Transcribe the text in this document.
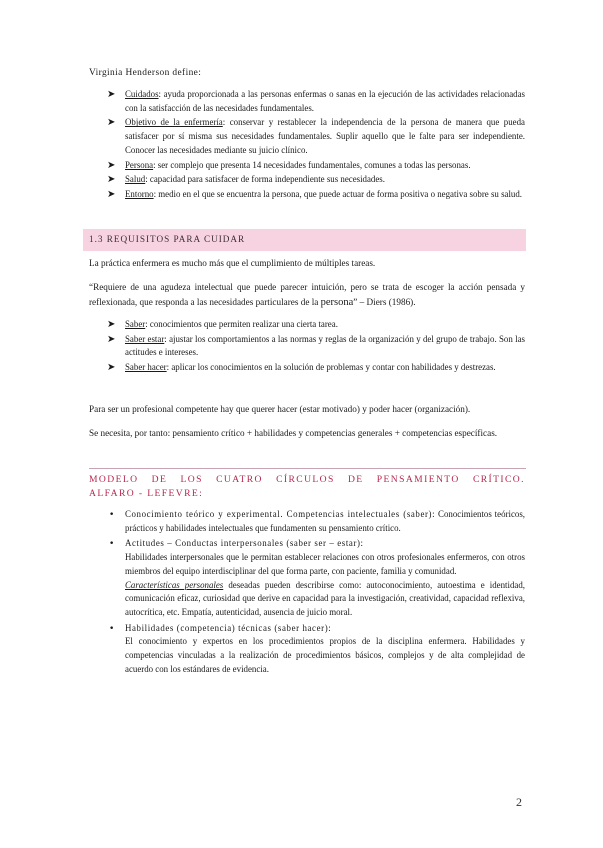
Virginia Henderson define:
➤ Cuidados: ayuda proporcionada a las personas enfermas o sanas en la ejecución de las actividades relacionadas con la satisfacción de las necesidades fundamentales.
➤ Objetivo de la enfermería: conservar y restablecer la independencia de la persona de manera que pueda satisfacer por sí misma sus necesidades fundamentales. Suplir aquello que le falte para ser independiente. Conocer las necesidades mediante su juicio clínico.
➤ Persona: ser complejo que presenta 14 necesidades fundamentales, comunes a todas las personas.
➤ Salud: capacidad para satisfacer de forma independiente sus necesidades.
➤ Entorno: medio en el que se encuentra la persona, que puede actuar de forma positiva o negativa sobre su salud.
1.3 REQUISITOS PARA CUIDAR
La práctica enfermera es mucho más que el cumplimiento de múltiples tareas.
“Requiere de una agudeza intelectual que puede parecer intuición, pero se trata de escoger la acción pensada y reflexionada, que responda a las necesidades particulares de la persona” – Diers (1986).
➤ Saber: conocimientos que permiten realizar una cierta tarea.
➤ Saber estar: ajustar los comportamientos a las normas y reglas de la organización y del grupo de trabajo. Son las actitudes e intereses.
➤ Saber hacer: aplicar los conocimientos en la solución de problemas y contar con habilidades y destrezas.
Para ser un profesional competente hay que querer hacer (estar motivado) y poder hacer (organización).
Se necesita, por tanto: pensamiento crítico + habilidades y competencias generales + competencias específicas.
MODELO DE LOS CUATRO CÍRCULOS DE PENSAMIENTO CRÍTICO.
ALFARO - LEFEVRE:
• Conocimiento teórico y experimental. Competencias intelectuales (saber): Conocimientos teóricos, prácticos y habilidades intelectuales que fundamenten su pensamiento crítico.
• Actitudes – Conductas interpersonales (saber ser – estar):
Habilidades interpersonales que le permitan establecer relaciones con otros profesionales enfermeros, con otros miembros del equipo interdisciplinar del que forma parte, con paciente, familia y comunidad.
Características personales deseadas pueden describirse como: autoconocimiento, autoestima e identidad, comunicación eficaz, curiosidad que derive en capacidad para la investigación, creatividad, capacidad reflexiva, autocrítica, etc. Empatía, autenticidad, ausencia de juicio moral.
• Habilidades (competencia) técnicas (saber hacer):
El conocimiento y expertos en los procedimientos propios de la disciplina enfermera. Habilidades y competencias vinculadas a la realización de procedimientos básicos, complejos y de alta complejidad de acuerdo con los estándares de evidencia.
2
